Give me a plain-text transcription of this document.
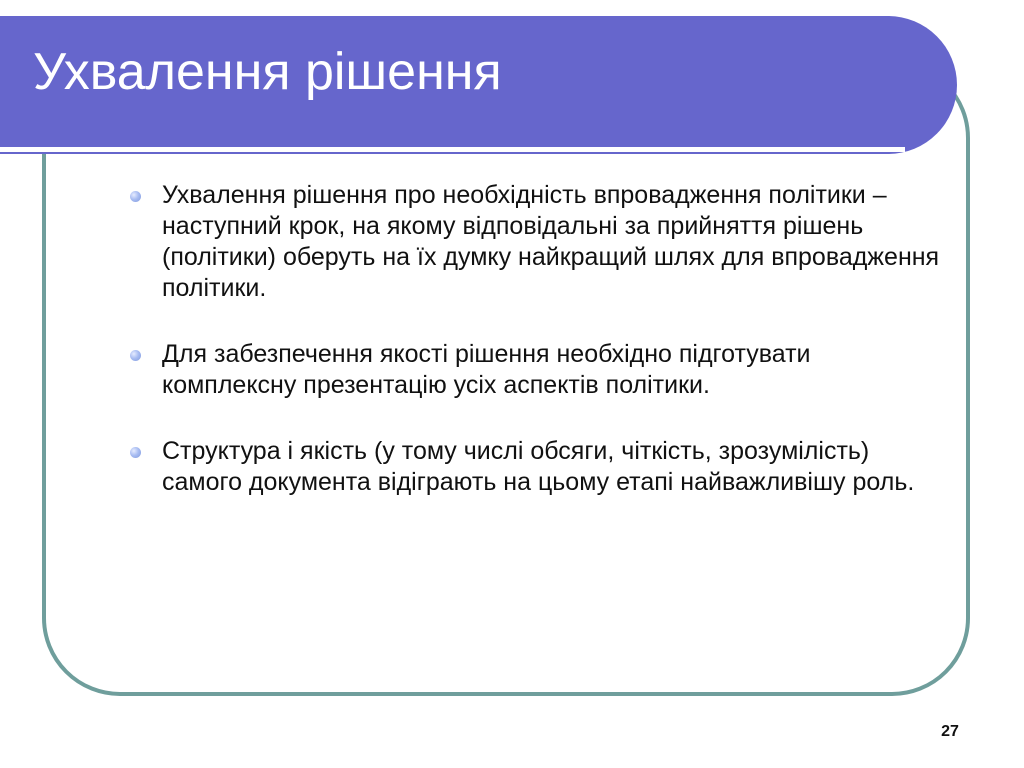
Ухвалення рішення
Ухвалення рішення про необхідність впровадження політики – наступний крок, на якому відповідальні за прийняття рішень (політики) оберуть на їх думку найкращий шлях для впровадження політики.
Для забезпечення якості рішення необхідно підготувати комплексну презентацію усіх аспектів політики.
Структура і якість (у тому числі обсяги, чіткість, зрозумілість) самого документа відіграють на цьому етапі найважливішу роль.
27
